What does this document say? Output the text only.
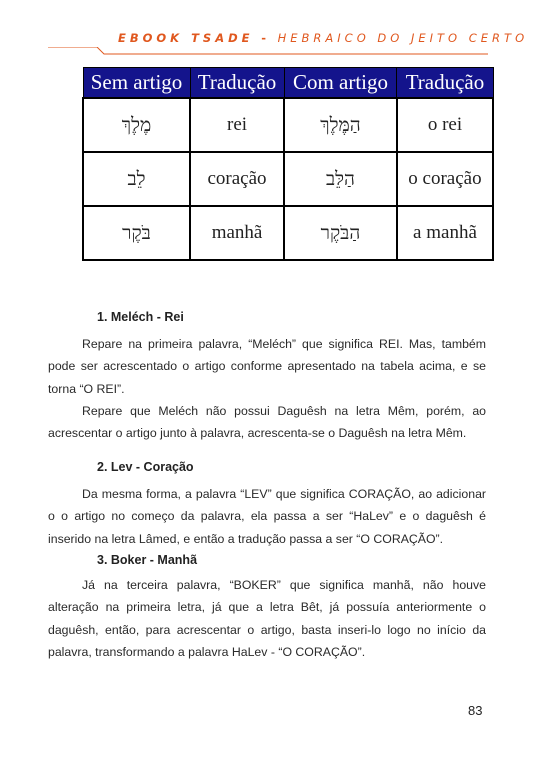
EBOOK TSADE - HEBRAICO DO JEITO CERTO
Sem artigo	Tradução	Com artigo	Tradução
מֶלֶךְ	rei	הַמֶּלֶךְ	o rei
לֵב	coração	הַלֵּב	o coração
בֹּקֶר	manhã	הַבֹּקֶר	a manhã
1. Meléch - Rei
Repare na primeira palavra, “Meléch” que significa REI. Mas, também pode ser acrescentado o artigo conforme apresentado na tabela acima, e se torna “O REI”.
Repare que Meléch não possui Daguêsh na letra Mêm, porém, ao acrescentar o artigo junto à palavra, acrescenta-se o Daguêsh na letra Mêm.
2. Lev - Coração
Da mesma forma, a palavra “LEV” que significa CORAÇÃO, ao adicionar o o artigo no começo da palavra, ela passa a ser “HaLev” e o daguêsh é inserido na letra Lâmed, e então a tradução passa a ser “O CORAÇÃO”.
3. Boker - Manhã
Já na terceira palavra, “BOKER” que significa manhã, não houve alteração na primeira letra, já que a letra Bêt, já possuía anteriormente o daguêsh, então, para acrescentar o artigo, basta inseri-lo logo no início da palavra, transformando a palavra HaLev - “O CORAÇÃO”.
83
